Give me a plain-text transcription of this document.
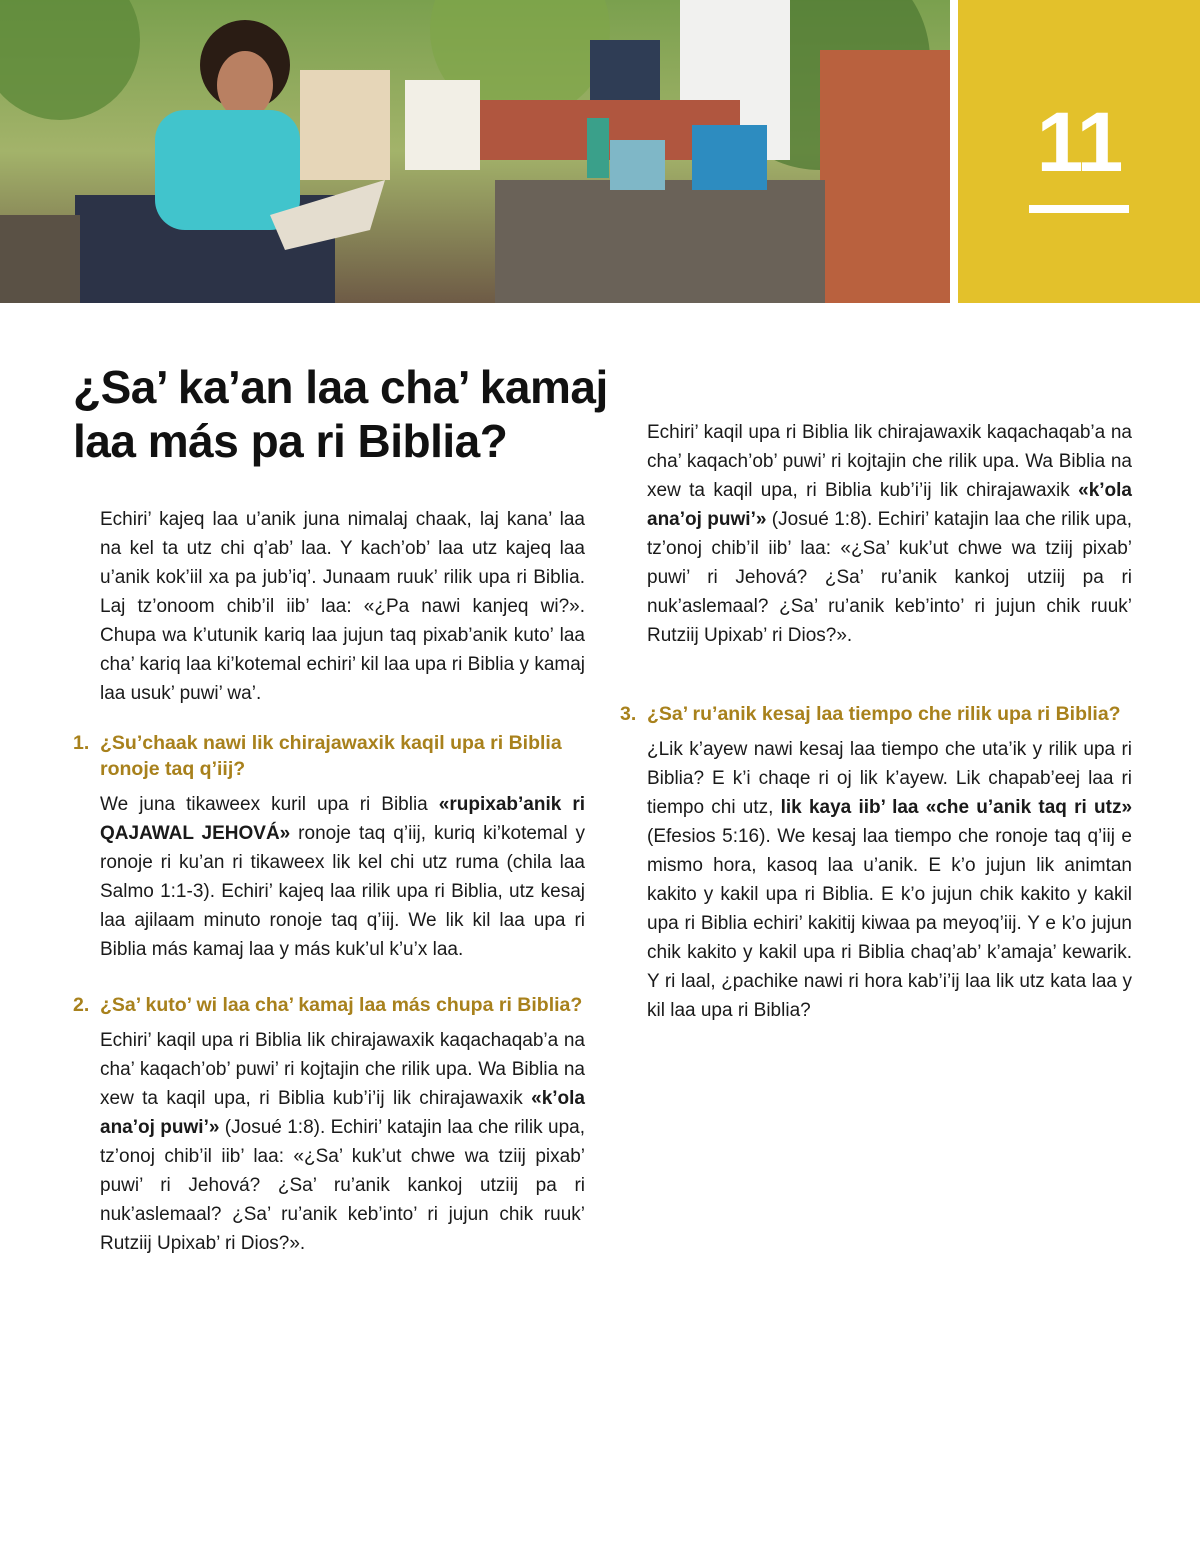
11
¿Sa’ ka’an laa cha’ kamaj
laa más pa ri Biblia?

Echiri’ kajeq laa u’anik juna nimalaj chaak, laj kana’ laa na kel ta utz chi q’ab’ laa. Y kach’ob’ laa utz kajeq laa u’anik kok’iil xa pa jub’iq’. Junaam ruuk’ rilik upa ri Biblia. Laj tz’onoom chib’il iib’ laa: «¿Pa nawi kanjeq wi?». Chupa wa k’utunik kariq laa jujun taq pixab’anik kuto’ laa cha’ kariq laa ki’kotemal echiri’ kil laa upa ri Biblia y kamaj laa usuk’ puwi’ wa’.

1. ¿Su’chaak nawi lik chirajawaxik kaqil upa ri Biblia ronoje taq q’iij?

We juna tikaweex kuril upa ri Biblia «rupixab’anik ri QAJAWAL JEHOVÁ» ronoje taq q’iij, kuriq ki’kotemal y ronoje ri ku’an ri tikaweex lik kel chi utz ruma (chila laa Salmo 1:1-3). Echiri’ kajeq laa rilik upa ri Biblia, utz kesaj laa ajilaam minuto ronoje taq q’iij. We lik kil laa upa ri Biblia más kamaj laa y más kuk’ul k’u’x laa.

2. ¿Sa’ kuto’ wi laa cha’ kamaj laa más chupa ri Biblia?

Echiri’ kaqil upa ri Biblia lik chirajawaxik kaqachaqab’a na cha’ kaqach’ob’ puwi’ ri kojtajin che rilik upa. Wa Biblia na xew ta kaqil upa, ri Biblia kub’i’ij lik chirajawaxik «k’ola ana’oj puwi’» (Josué 1:8). Echiri’ katajin laa che rilik upa, tz’onoj chib’il iib’ laa: «¿Sa’ kuk’ut chwe wa tziij pixab’ puwi’ ri Jehová? ¿Sa’ ru’anik kankoj utziij pa ri nuk’aslemaal? ¿Sa’ ru’anik keb’into’ ri jujun chik ruuk’ Rutziij Upixab’ ri Dios?».

Echiri’ kaqil upa ri Biblia lik chirajawaxik kaqachaqab’a na cha’ kaqach’ob’ puwi’ ri kojtajin che rilik upa. Wa Biblia na xew ta kaqil upa, ri Biblia kub’i’ij lik chirajawaxik «k’ola ana’oj puwi’» (Josué 1:8). Echiri’ katajin laa che rilik upa, tz’onoj chib’il iib’ laa: «¿Sa’ kuk’ut chwe wa tziij pixab’ puwi’ ri Jehová? ¿Sa’ ru’anik kankoj utziij pa ri nuk’aslemaal? ¿Sa’ ru’anik keb’into’ ri jujun chik ruuk’ Rutziij Upixab’ ri Dios?».

3. ¿Sa’ ru’anik kesaj laa tiempo che rilik upa ri Biblia?

¿Lik k’ayew nawi kesaj laa tiempo che uta’ik y rilik upa ri Biblia? E k’i chaqe ri oj lik k’ayew. Lik chapab’eej laa ri tiempo chi utz, lik kaya iib’ laa «che u’anik taq ri utz» (Efesios 5:16). We kesaj laa tiempo che ronoje taq q’iij e mismo hora, kasoq laa u’anik. E k’o jujun lik animtan kakito y kakil upa ri Biblia. E k’o jujun chik kakito y kakil upa ri Biblia echiri’ kakitij kiwaa pa meyoq’iij. Y e k’o jujun chik kakito y kakil upa ri Biblia chaq’ab’ k’amaja’ kewarik. Y ri laal, ¿pachike nawi ri hora kab’i’ij laa lik utz kata laa y kil laa upa ri Biblia?
